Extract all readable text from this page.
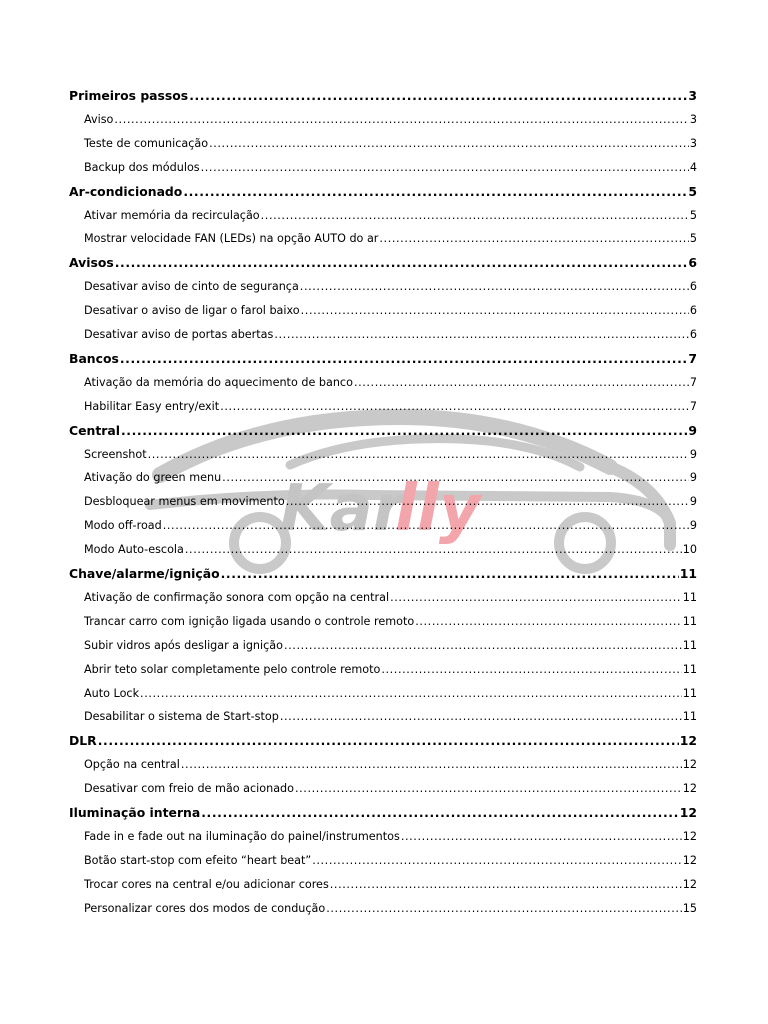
Kar
lly
Primeiros passos .....	3
Aviso .....	3
Teste de comunicação .....	3
Backup dos módulos .....	4
Ar-condicionado .....	5
Ativar memória da recirculação .....	5
Mostrar velocidade FAN (LEDs) na opção AUTO do ar .....	5
Avisos .....	6
Desativar aviso de cinto de segurança .....	6
Desativar o aviso de ligar o farol baixo .....	6
Desativar aviso de portas abertas .....	6
Bancos .....	7
Ativação da memória do aquecimento de banco .....	7
Habilitar Easy entry/exit .....	7
Central .....	9
Screenshot .....	9
Ativação do green menu .....	9
Desbloquear menus em movimento .....	9
Modo off-road .....	9
Modo Auto-escola .....	10
Chave/alarme/ignição .....	11
Ativação de confirmação sonora com opção na central .....	11
Trancar carro com ignição ligada usando o controle remoto .....	11
Subir vidros após desligar a ignição .....	11
Abrir teto solar completamente pelo controle remoto .....	11
Auto Lock .....	11
Desabilitar o sistema de Start-stop .....	11
DLR .....	12
Opção na central .....	12
Desativar com freio de mão acionado .....	12
Iluminação interna .....	12
Fade in e fade out na iluminação do painel/instrumentos .....	12
Botão start-stop com efeito “heart beat” .....	12
Trocar cores na central e/ou adicionar cores .....	12
Personalizar cores dos modos de condução .....	15
